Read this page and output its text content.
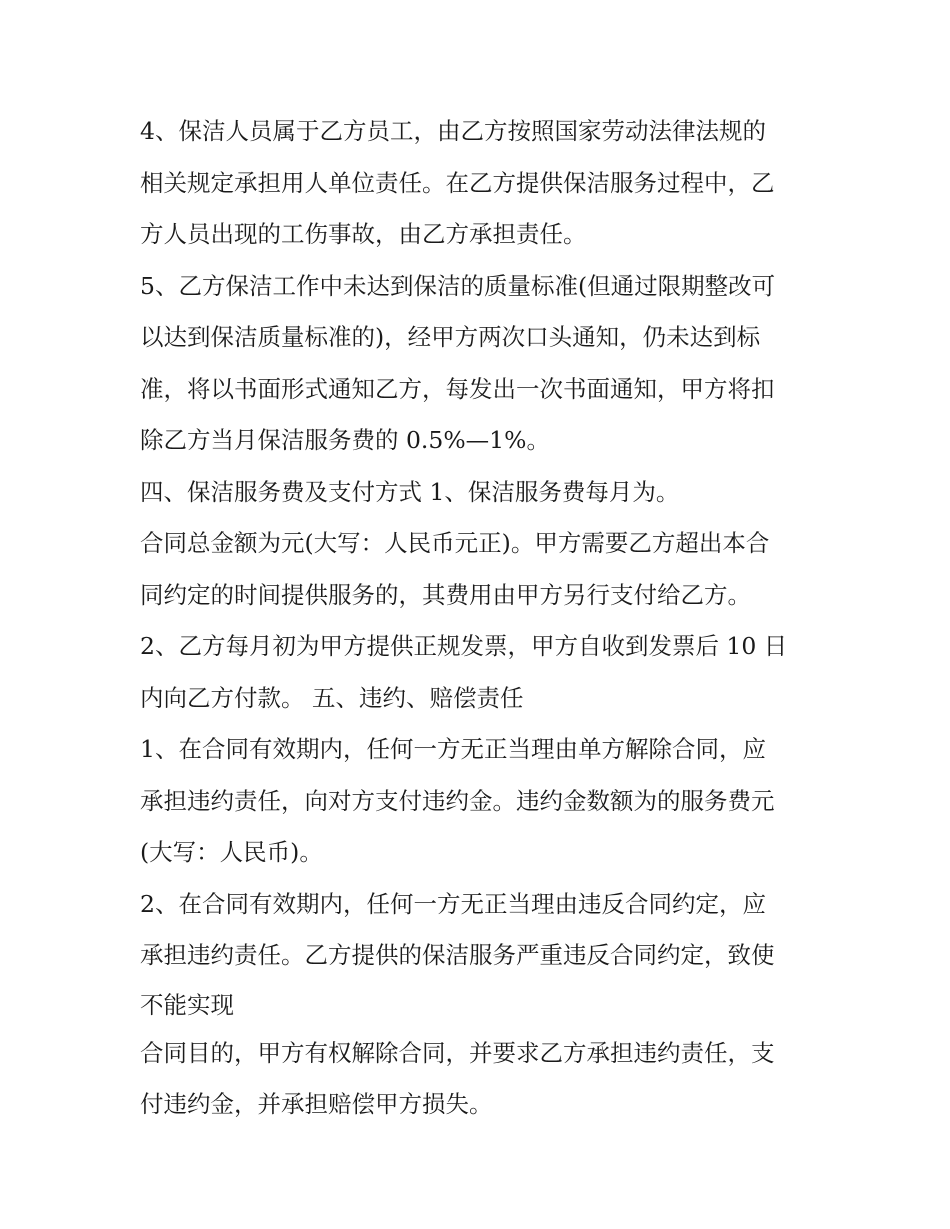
4、保洁人员属于乙方员工，由乙方按照国家劳动法律法规的
相关规定承担用人单位责任。在乙方提供保洁服务过程中，乙
方人员出现的工伤事故，由乙方承担责任。
5、乙方保洁工作中未达到保洁的质量标准(但通过限期整改可
以达到保洁质量标准的)，经甲方两次口头通知，仍未达到标
准，将以书面形式通知乙方，每发出一次书面通知，甲方将扣
除乙方当月保洁服务费的 0.5%—1%。
四、保洁服务费及支付方式 1、保洁服务费每月为。
合同总金额为元(大写：人民币元正)。甲方需要乙方超出本合
同约定的时间提供服务的，其费用由甲方另行支付给乙方。
2、乙方每月初为甲方提供正规发票，甲方自收到发票后 10 日
内向乙方付款。 五、违约、赔偿责任
1、在合同有效期内，任何一方无正当理由单方解除合同，应
承担违约责任，向对方支付违约金。违约金数额为的服务费元
(大写：人民币)。
2、在合同有效期内，任何一方无正当理由违反合同约定，应
承担违约责任。乙方提供的保洁服务严重违反合同约定，致使
不能实现
合同目的，甲方有权解除合同，并要求乙方承担违约责任，支
付违约金，并承担赔偿甲方损失。
